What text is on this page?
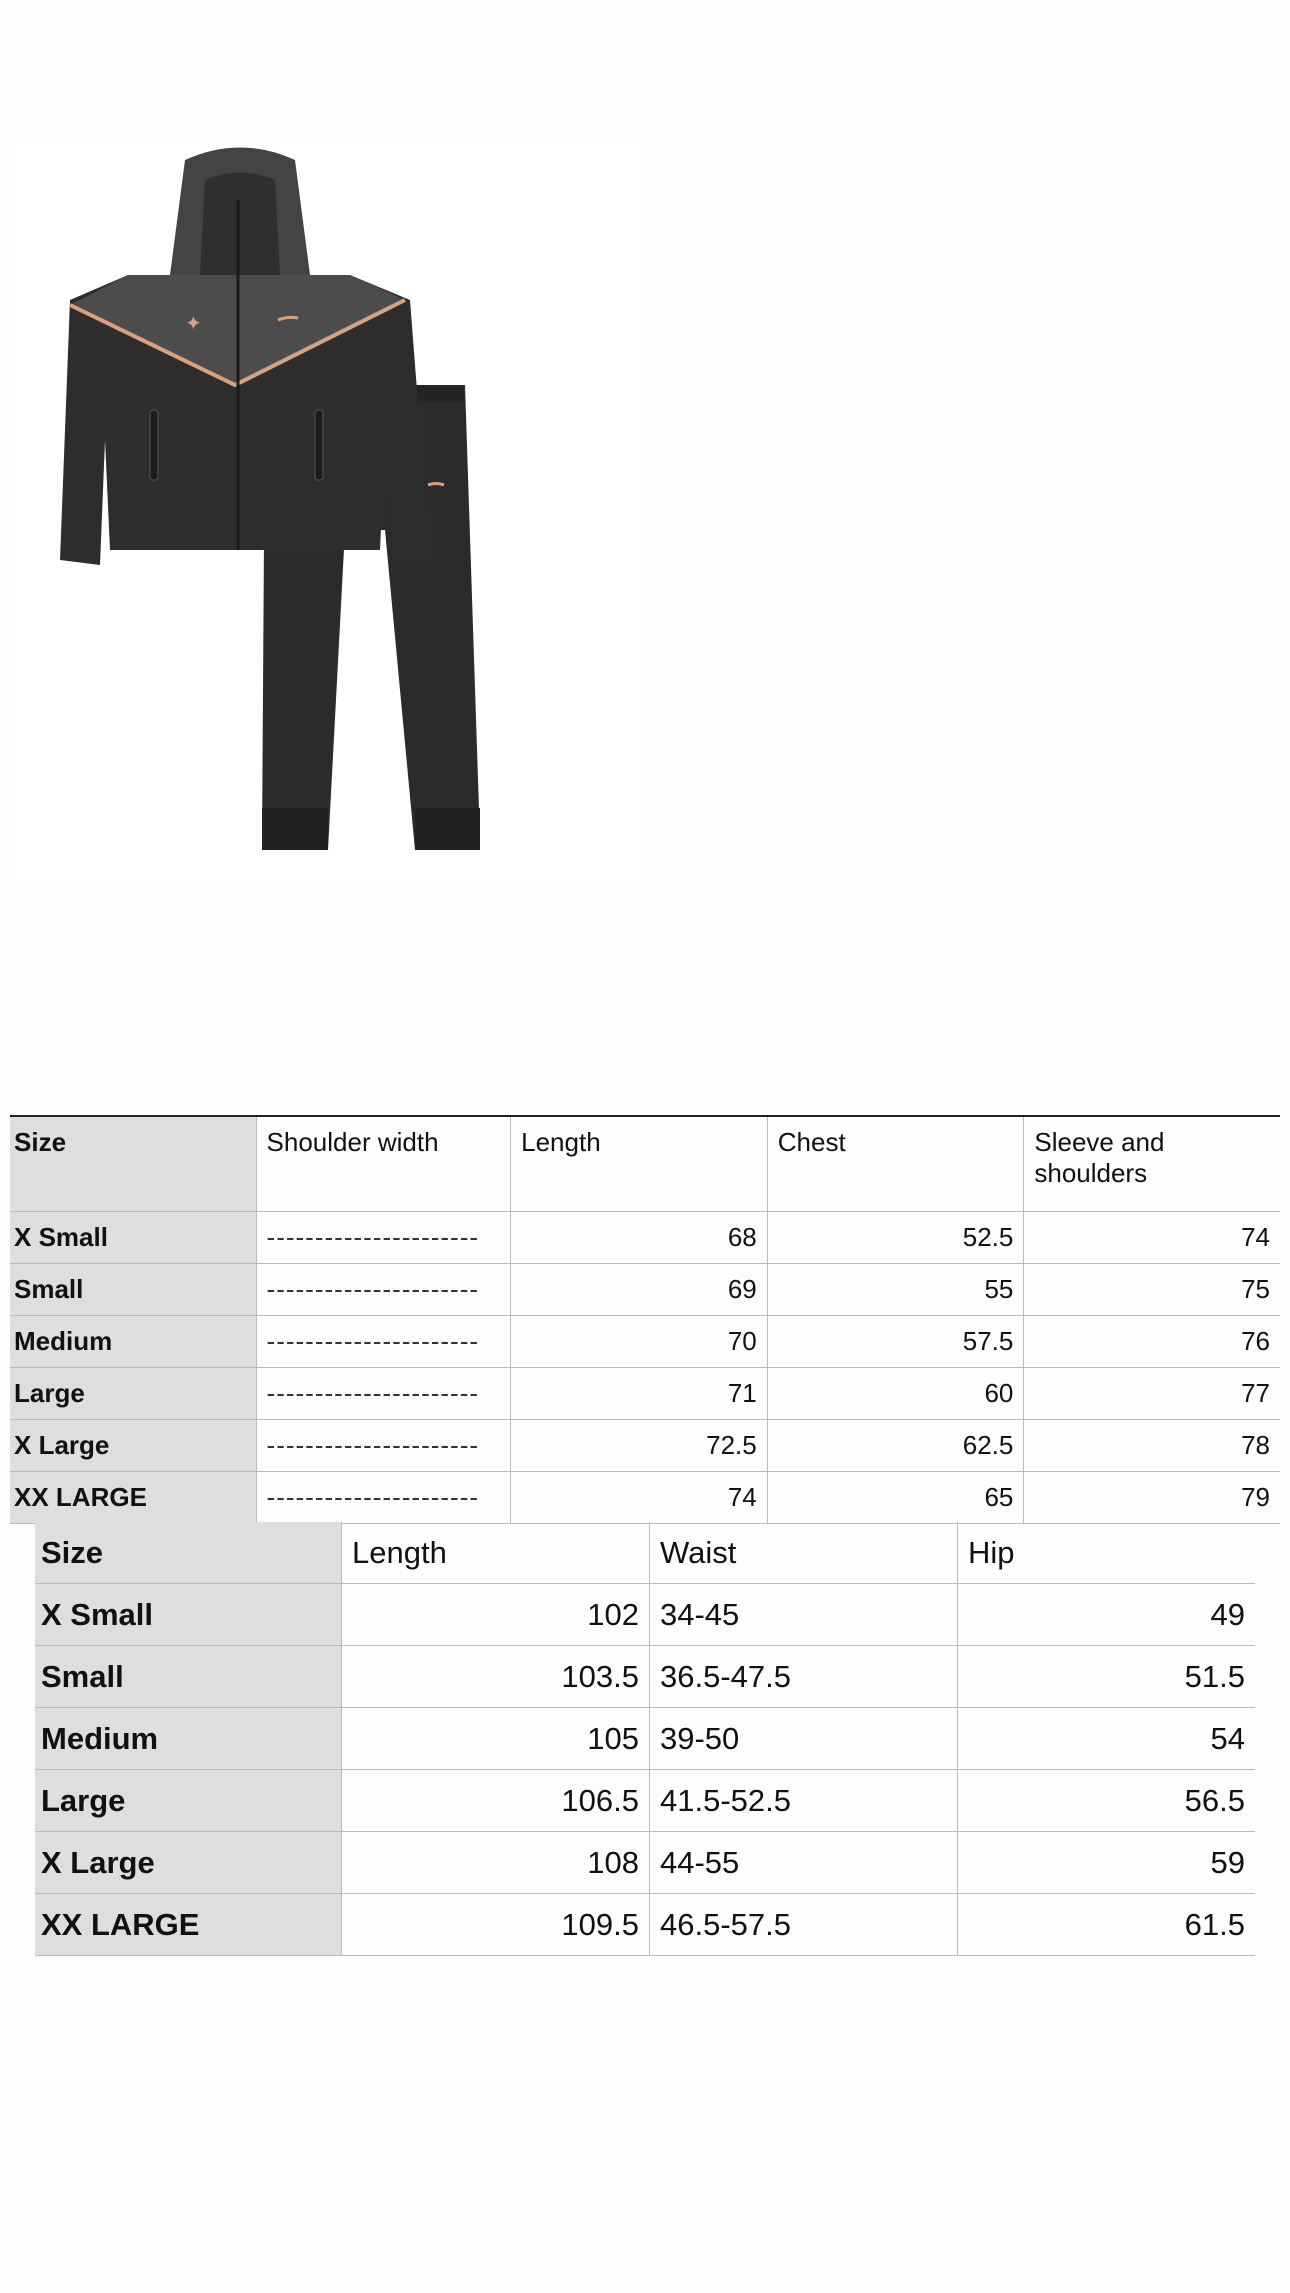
✦
Size	Shoulder width	Length	Chest	Sleeve and shoulders
X Small	----------------------	68	52.5	74
Small	----------------------	69	55	75
Medium	----------------------	70	57.5	76
Large	----------------------	71	60	77
X Large	----------------------	72.5	62.5	78
XX LARGE	----------------------	74	65	79
Size	Length	Waist	Hip
X Small	102	34-45	49
Small	103.5	36.5-47.5	51.5
Medium	105	39-50	54
Large	106.5	41.5-52.5	56.5
X Large	108	44-55	59
XX LARGE	109.5	46.5-57.5	61.5
